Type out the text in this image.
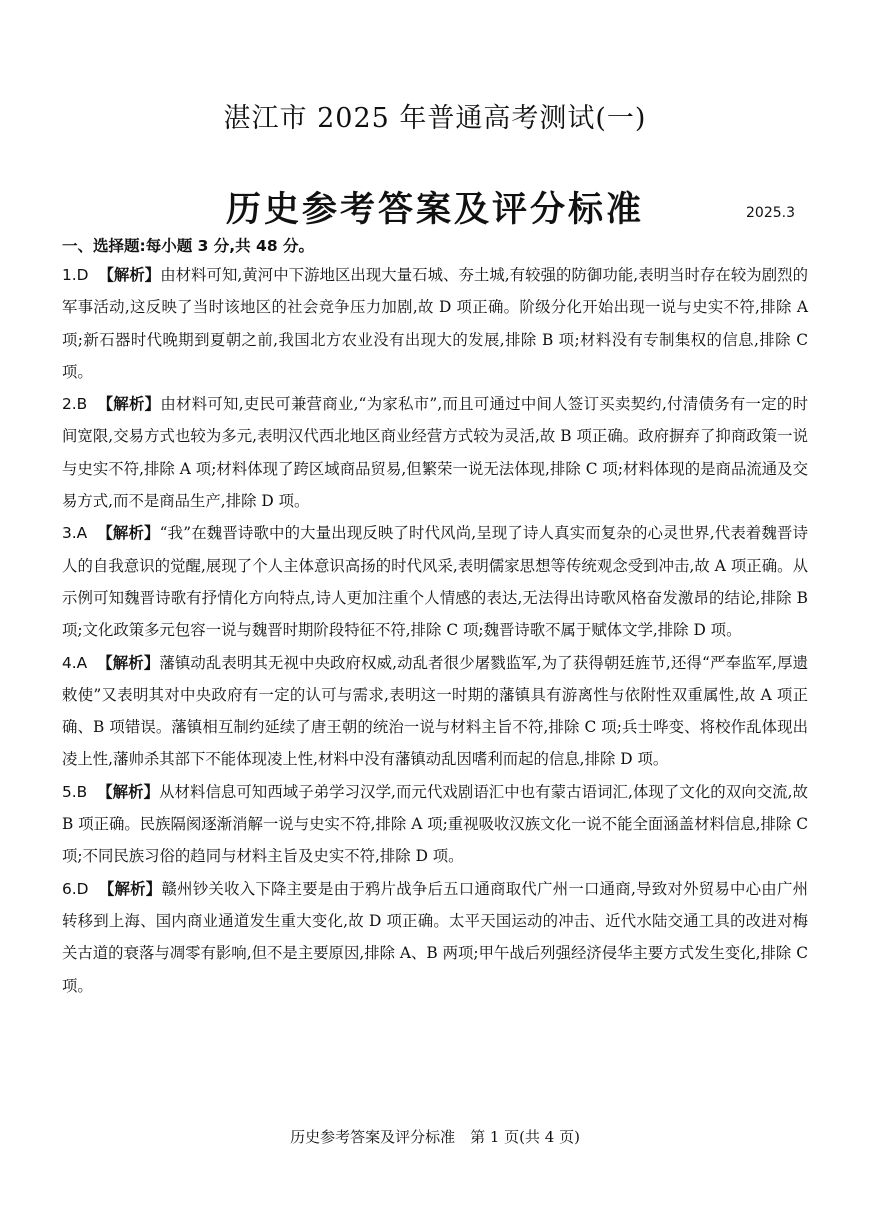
湛江市 2025 年普通高考测试(一)
历史参考答案及评分标准	2025.3
一、选择题:每小题 3 分,共 48 分。

1.D 【解析】由材料可知,黄河中下游地区出现大量石城、夯土城,有较强的防御功能,表明当时存在较为剧烈的军事活动,这反映了当时该地区的社会竞争压力加剧,故 D 项正确。阶级分化开始出现一说与史实不符,排除 A 项;新石器时代晚期到夏朝之前,我国北方农业没有出现大的发展,排除 B 项;材料没有专制集权的信息,排除 C 项。

2.B 【解析】由材料可知,吏民可兼营商业,“为家私市”,而且可通过中间人签订买卖契约,付清债务有一定的时间宽限,交易方式也较为多元,表明汉代西北地区商业经营方式较为灵活,故 B 项正确。政府摒弃了抑商政策一说与史实不符,排除 A 项;材料体现了跨区域商品贸易,但繁荣一说无法体现,排除 C 项;材料体现的是商品流通及交易方式,而不是商品生产,排除 D 项。

3.A 【解析】“我”在魏晋诗歌中的大量出现反映了时代风尚,呈现了诗人真实而复杂的心灵世界,代表着魏晋诗人的自我意识的觉醒,展现了个人主体意识高扬的时代风采,表明儒家思想等传统观念受到冲击,故 A 项正确。从示例可知魏晋诗歌有抒情化方向特点,诗人更加注重个人情感的表达,无法得出诗歌风格奋发激昂的结论,排除 B 项;文化政策多元包容一说与魏晋时期阶段特征不符,排除 C 项;魏晋诗歌不属于赋体文学,排除 D 项。

4.A 【解析】藩镇动乱表明其无视中央政府权威,动乱者很少屠戮监军,为了获得朝廷旌节,还得“严奉监军,厚遗敕使”又表明其对中央政府有一定的认可与需求,表明这一时期的藩镇具有游离性与依附性双重属性,故 A 项正确、B 项错误。藩镇相互制约延续了唐王朝的统治一说与材料主旨不符,排除 C 项;兵士哗变、将校作乱体现出凌上性,藩帅杀其部下不能体现凌上性,材料中没有藩镇动乱因嗜利而起的信息,排除 D 项。

5.B 【解析】从材料信息可知西域子弟学习汉学,而元代戏剧语汇中也有蒙古语词汇,体现了文化的双向交流,故 B 项正确。民族隔阂逐渐消解一说与史实不符,排除 A 项;重视吸收汉族文化一说不能全面涵盖材料信息,排除 C 项;不同民族习俗的趋同与材料主旨及史实不符,排除 D 项。

6.D 【解析】赣州钞关收入下降主要是由于鸦片战争后五口通商取代广州一口通商,导致对外贸易中心由广州转移到上海、国内商业通道发生重大变化,故 D 项正确。太平天国运动的冲击、近代水陆交通工具的改进对梅关古道的衰落与凋零有影响,但不是主要原因,排除 A、B 两项;甲午战后列强经济侵华主要方式发生变化,排除 C 项。

历史参考答案及评分标准　第 1 页(共 4 页)
